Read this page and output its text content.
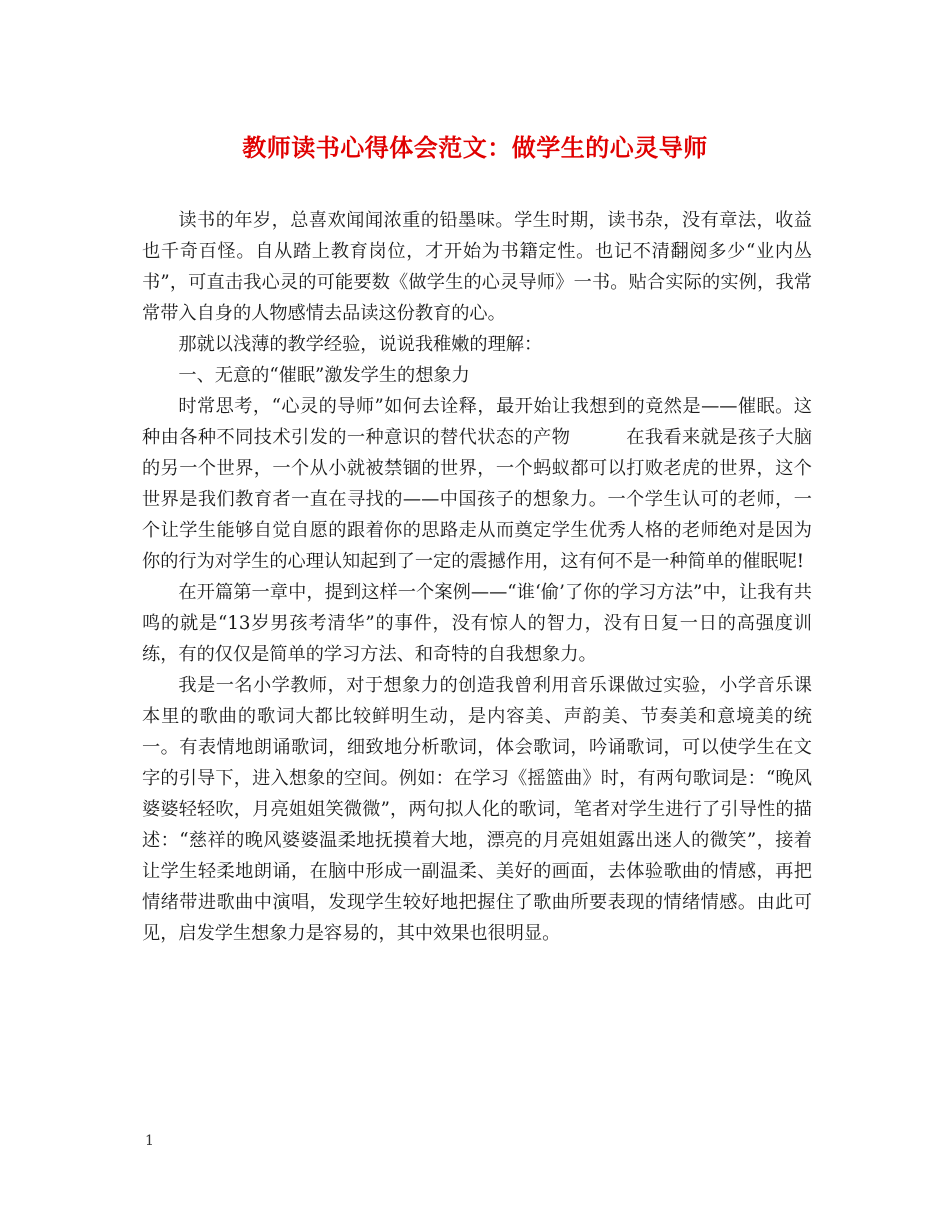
教师读书心得体会范文：做学生的心灵导师

读书的年岁，总喜欢闻闻浓重的铅墨味。学生时期，读书杂，没有章法，收益也千奇百怪。自从踏上教育岗位，才开始为书籍定性。也记不清翻阅多少“业内丛书”，可直击我心灵的可能要数《做学生的心灵导师》一书。贴合实际的实例，我常常带入自身的人物感情去品读这份教育的心。

那就以浅薄的教学经验，说说我稚嫩的理解：

一、无意的“催眠”激发学生的想象力

时常思考，“心灵的导师”如何去诠释，最开始让我想到的竟然是——催眠。这种由各种不同技术引发的一种意识的替代状态的产物　　　在我看来就是孩子大脑的另一个世界，一个从小就被禁锢的世界，一个蚂蚁都可以打败老虎的世界，这个世界是我们教育者一直在寻找的——中国孩子的想象力。一个学生认可的老师，一个让学生能够自觉自愿的跟着你的思路走从而奠定学生优秀人格的老师绝对是因为你的行为对学生的心理认知起到了一定的震撼作用，这有何不是一种简单的催眠呢!

在开篇第一章中，提到这样一个案例——“谁‘偷’了你的学习方法”中，让我有共鸣的就是“13岁男孩考清华”的事件，没有惊人的智力，没有日复一日的高强度训练，有的仅仅是简单的学习方法、和奇特的自我想象力。

我是一名小学教师，对于想象力的创造我曾利用音乐课做过实验，小学音乐课本里的歌曲的歌词大都比较鲜明生动，是内容美、声韵美、节奏美和意境美的统一。有表情地朗诵歌词，细致地分析歌词，体会歌词，吟诵歌词，可以使学生在文字的引导下，进入想象的空间。例如：在学习《摇篮曲》时，有两句歌词是：“晚风婆婆轻轻吹，月亮姐姐笑微微”，两句拟人化的歌词，笔者对学生进行了引导性的描述：“慈祥的晚风婆婆温柔地抚摸着大地，漂亮的月亮姐姐露出迷人的微笑”，接着让学生轻柔地朗诵，在脑中形成一副温柔、美好的画面，去体验歌曲的情感，再把情绪带进歌曲中演唱，发现学生较好地把握住了歌曲所要表现的情绪情感。由此可见，启发学生想象力是容易的，其中效果也很明显。

1
